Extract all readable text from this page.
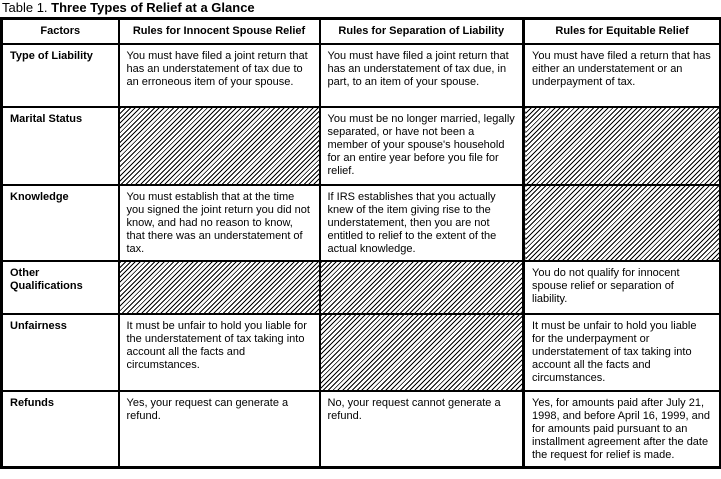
Table 1. Three Types of Relief at a Glance
Factors	Rules for Innocent Spouse Relief	Rules for Separation of Liability	Rules for Equitable Relief
Type of Liability	You must have filed a joint return that has an understatement of tax due to an erroneous item of your spouse.	You must have filed a joint return that has an understatement of tax due, in part, to an item of your spouse.	You must have filed a return that has either an understatement or an underpayment of tax.
Marital Status		You must be no longer married, legally separated, or have not been a member of your spouse's household for an entire year before you file for relief.	
Knowledge	You must establish that at the time you signed the joint return you did not know, and had no reason to know, that there was an understatement of tax.	If IRS establishes that you actually knew of the item giving rise to the understatement, then you are not entitled to relief to the extent of the actual knowledge.	
Other Qualifications			You do not qualify for innocent spouse relief or separation of liability.
Unfairness	It must be unfair to hold you liable for the understatement of tax taking into account all the facts and circumstances.		It must be unfair to hold you liable for the underpayment or understatement of tax taking into account all the facts and circumstances.
Refunds	Yes, your request can generate a refund.	No, your request cannot generate a refund.	Yes, for amounts paid after July 21, 1998, and before April 16, 1999, and for amounts paid pursuant to an installment agreement after the date the request for relief is made.
